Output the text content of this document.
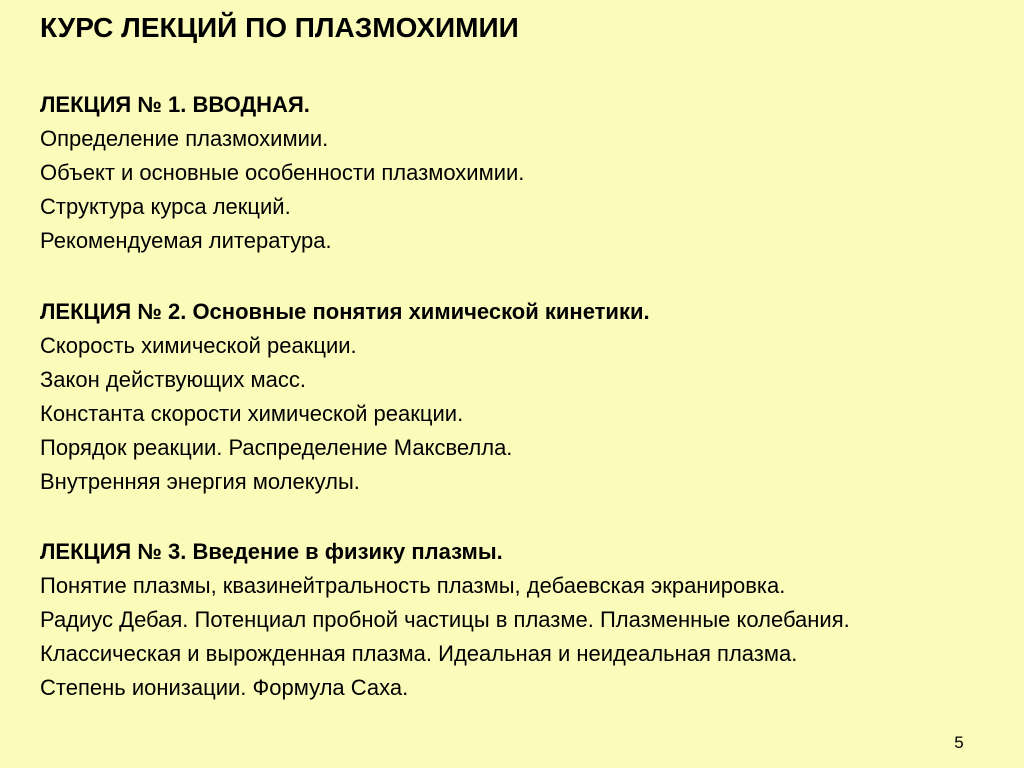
КУРС ЛЕКЦИЙ ПО ПЛАЗМОХИМИИ
ЛЕКЦИЯ № 1. ВВОДНАЯ.
Определение плазмохимии.
Объект и основные особенности плазмохимии.
Структура курса лекций.
Рекомендуемая литература.
ЛЕКЦИЯ № 2. Основные понятия химической кинетики.
Скорость химической реакции.
Закон действующих масс.
Константа скорости химической реакции.
Порядок реакции. Распределение Максвелла.
Внутренняя энергия молекулы.
ЛЕКЦИЯ № 3. Введение в физику плазмы.
Понятие плазмы, квазинейтральность плазмы, дебаевская экранировка.
Радиус Дебая. Потенциал пробной частицы в плазме. Плазменные колебания.
Классическая и вырожденная плазма. Идеальная и неидеальная плазма.
Степень ионизации. Формула Саха.
5
